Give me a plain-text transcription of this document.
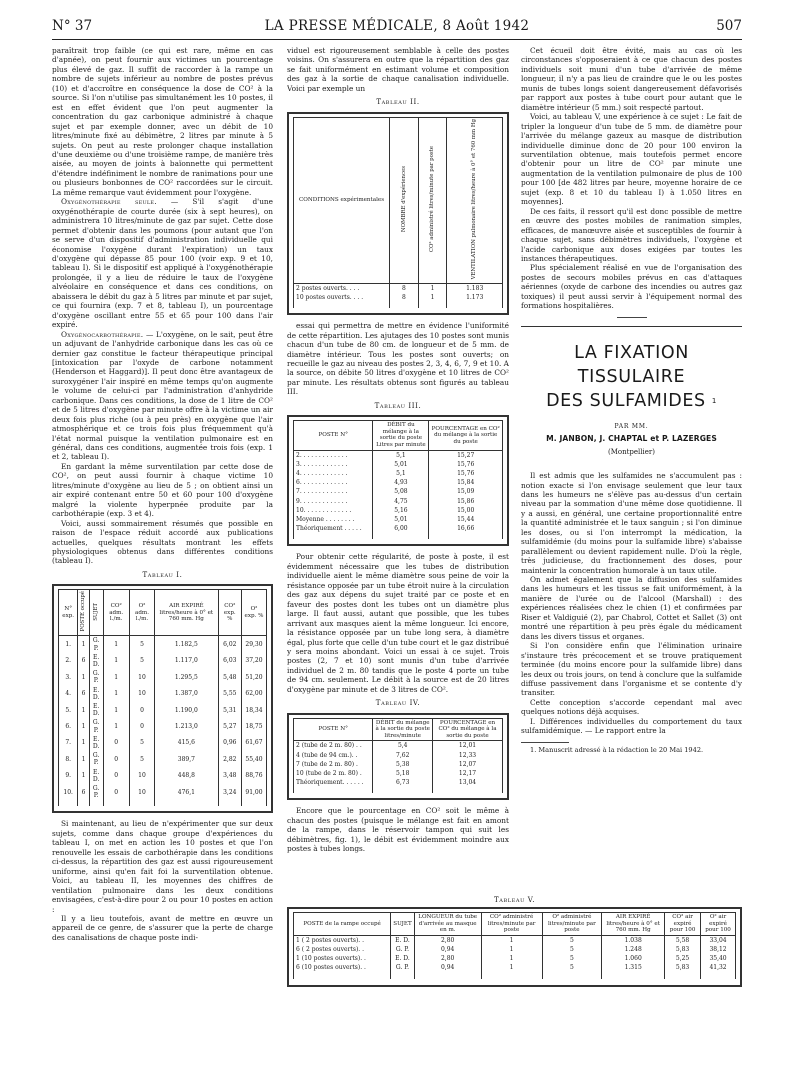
LA PRESSE MÉDICALE, 8 Août 1942
N° 37	507

paraîtrait trop faible (ce qui est rare, même en cas d'apnée), on peut fournir aux victimes un pourcentage plus élevé de gaz. Il suffit de raccorder à la rampe un nombre de sujets inférieur au nombre de postes prévus (10) et d'accroître en conséquence la dose de CO² à la source. Si l'on n'utilise pas simultanément les 10 postes, il est en effet évident que l'on peut augmenter la concentration du gaz carbonique administré à chaque sujet et par exemple donner, avec un débit de 10 litres/minute fixé au débimètre, 2 litres par minute à 5 sujets. On peut au reste prolonger chaque installation d'une deuxième ou d'une troisième rampe, de manière très aisée, au moyen de joints à baïonnette qui permettent d'étendre indéfiniment le nombre de ranimations pour une ou plusieurs bonbonnes de CO² raccordées sur le circuit. La même remarque vaut évidemment pour l'oxygène.

Oxygénothérapie seule. — S'il s'agit d'une oxygénothérapie de courte durée (six à sept heures), on administrera 10 litres/minute de gaz par sujet. Cette dose permet d'obtenir dans les poumons (pour autant que l'on se serve d'un dispositif d'administration individuelle qui économise l'oxygène durant l'expiration) un taux d'oxygène qui dépasse 85 pour 100 (voir exp. 9 et 10, tableau I). Si le dispositif est appliqué à l'oxygénothérapie prolongée, il y a lieu de réduire le taux de l'oxygène alvéolaire en conséquence et dans ces conditions, on abaissera le débit du gaz à 5 litres par minute et par sujet, ce qui fournira (exp. 7 et 8, tableau I), un pourcentage d'oxygène oscillant entre 55 et 65 pour 100 dans l'air expiré.

Oxygénocarbothérapie. — L'oxygène, on le sait, peut être un adjuvant de l'anhydride carbonique dans les cas où ce dernier gaz constitue le facteur thérapeutique principal [intoxication par l'oxyde de carbone notamment (Henderson et Haggard)]. Il peut donc être avantageux de suroxygéner l'air inspiré en même temps qu'on augmente le volume de celui-ci par l'administration d'anhydride carbonique. Dans ces conditions, la dose de 1 litre de CO² et de 5 litres d'oxygène par minute offre à la victime un air deux fois plus riche (ou à peu près) en oxygène que l'air atmosphérique et ce trois fois plus fréquemment qu'à l'état normal puisque la ventilation pulmonaire est en général, dans ces conditions, augmentée trois fois (exp. 1 et 2, tableau I).

En gardant la même surventilation par cette dose de CO², on peut aussi fournir à chaque victime 10 litres/minute d'oxygène au lieu de 5 ; on obtient ainsi un air expiré contenant entre 50 et 60 pour 100 d'oxygène malgré la violente hyperpnée produite par la carbothérapie (exp. 3 et 4).

Voici, aussi sommairement résumés que possible en raison de l'espace réduit accordé aux publications actuelles, quelques résultats montrant les effets physiologiques obtenus dans différentes conditions (tableau I).

Tableau I.
N° exp.	POSTE occupé	SUJET	CO² adm. l./m.	O² adm. l./m.	AIR EXPIRÉ litres/heure à 0° et 760 mm. Hg	CO² exp. %	O² exp. %
1.	1	G. P.	1	5	1.182,5	6,02	29,30
2.	6	E. D.	1	5	1.117,0	6,03	37,20
3.	1	G. P.	1	10	1.295,5	5,48	51,20
4.	6	E. D.	1	10	1.387,0	5,55	62,00
5.	1	E. D.	1	0	1.190,0	5,31	18,34
6.	1	G. P.	1	0	1.213,0	5,27	18,75
7.	1	E. D.	0	5	415,6	0,96	61,67
8.	1	G. P.	0	5	389,7	2,82	55,40
9.	1	E. D.	0	10	448,8	3,48	88,76
10.	6	G. P.	0	10	476,1	3,24	91,00

Si maintenant, au lieu de n'expérimenter que sur deux sujets, comme dans chaque groupe d'expériences du tableau I, on met en action les 10 postes et que l'on renouvelle les essais de carbothérapie dans les conditions ci-dessus, la répartition des gaz est aussi rigoureusement uniforme, ainsi qu'en fait foi la surventilation obtenue. Voici, au tableau II, les moyennes des chiffres de ventilation pulmonaire dans les deux conditions envisagées, c'est-à-dire pour 2 ou pour 10 postes en action :

Il y a lieu toutefois, avant de mettre en œuvre un appareil de ce genre, de s'assurer que la perte de charge des canalisations de chaque poste indi-

viduel est rigoureusement semblable à celle des postes voisins. On s'assurera en outre que la répartition des gaz se fait uniformément en estimant volume et composition des gaz à la sortie de chaque canalisation individuelle. Voici par exemple un

Tableau II.
CONDITIONS expérimentales	NOMBRE d'expériences	CO² administré litres/minute par poste	VENTILATION pulmonaire litres/heure à 0° et 760 mm Hg
2 postes ouverts. . . .	8	1	1.183
10 postes ouverts. . . .	8	1	1.173

essai qui permettra de mettre en évidence l'uniformité de cette répartition. Les ajutages des 10 postes sont munis chacun d'un tube de 80 cm. de longueur et de 5 mm. de diamètre intérieur. Tous les postes sont ouverts; on recueille le gaz au niveau des postes 2, 3, 4, 6, 7, 9 et 10. A la source, on débite 50 litres d'oxygène et 10 litres de CO² par minute. Les résultats obtenus sont figurés au tableau III.

Tableau III.
POSTE N°	DÉBIT du mélange à la sortie du poste Litres par minute	POURCENTAGE en CO² du mélange à la sortie du poste
2. . . . . . . . . . . . .	5,1	15,27
3. . . . . . . . . . . . .	5,01	15,76
4. . . . . . . . . . . . .	5,1	15,76
6. . . . . . . . . . . . .	4,93	15,84
7. . . . . . . . . . . . .	5,08	15,09
9. . . . . . . . . . . . .	4,75	15,86
10. . . . . . . . . . . . .	5,16	15,00
Moyenne . . . . . . . .	5,01	15,44
Théoriquement . . . . .	6,00	16,66

Pour obtenir cette régularité, de poste à poste, il est évidemment nécessaire que les tubes de distribution individuelle aient le même diamètre sous peine de voir la résistance opposée par un tube étroit nuire à la circulation des gaz aux dépens du sujet traité par ce poste et en faveur des postes dont les tubes ont un diamètre plus large. Il faut aussi, autant que possible, que les tubes arrivant aux masques aient la même longueur. Ici encore, la résistance opposée par un tube long sera, à diamètre égal, plus forte que celle d'un tube court et le gaz distribué y sera moins abondant. Voici un essai à ce sujet. Trois postes (2, 7 et 10) sont munis d'un tube d'arrivée individuel de 2 m. 80 tandis que le poste 4 porte un tube de 94 cm. seulement. Le débit à la source est de 20 litres d'oxygène par minute et de 3 litres de CO².

Tableau IV.
POSTE N°	DÉBIT du mélange à la sortie du poste litres/minute	POURCENTAGE en CO² du mélange à la sortie du poste
2 (tube de 2 m. 80) . .	5,4	12,01
4 (tube de 94 cm.). .	7,62	12,33
7 (tube de 2 m. 80) .	5,38	12,07
10 (tube de 2 m. 80) .	5,18	12,17
Théoriquement. . . . . .	6,73	13,04

Encore que le pourcentage en CO² soit le même à chacun des postes (puisque le mélange est fait en amont de la rampe, dans le réservoir tampon qui suit les débimètres, fig. 1), le débit est évidemment moindre aux postes à tubes longs.

Cet écueil doit être évité, mais au cas où les circonstances s'opposeraient à ce que chacun des postes individuels soit muni d'un tube d'arrivée de même longueur, il n'y a pas lieu de craindre que le ou les postes munis de tubes longs soient dangereusement défavorisés par rapport aux postes à tube court pour autant que le diamètre intérieur (5 mm.) soit respecté partout.

Voici, au tableau V, une expérience à ce sujet : Le fait de tripler la longueur d'un tube de 5 mm. de diamètre pour l'arrivée du mélange gazeux au masque de distribution individuelle diminue donc de 20 pour 100 environ la surventilation obtenue, mais toutefois permet encore d'obtenir pour un litre de CO² par minute une augmentation de la ventilation pulmonaire de plus de 100 pour 100 [de 482 litres par heure, moyenne horaire de ce sujet (exp. 8 et 10 du tableau I) à 1.050 litres en moyennes].

De ces faits, il ressort qu'il est donc possible de mettre en œuvre des postes mobiles de ranimation simples, efficaces, de manœuvre aisée et susceptibles de fournir à chaque sujet, sans débimètres individuels, l'oxygène et l'acide carbonique aux doses exigées par toutes les instances thérapeutiques.

Plus spécialement réalisé en vue de l'organisation des postes de secours mobiles prévus en cas d'attaques aériennes (oxyde de carbone des incendies ou autres gaz toxiques) il peut aussi servir à l'équipement normal des formations hospitalières.

LA FIXATION TISSULAIRE
DES SULFAMIDES $^1$
PAR MM.
M. JANBON, J. CHAPTAL et P. LAZERGES
(Montpellier)

Il est admis que les sulfamides ne s'accumulent pas : notion exacte si l'on envisage seulement que leur taux dans les humeurs ne s'élève pas au-dessus d'un certain niveau par la sommation d'une même dose quotidienne. Il y a aussi, en général, une certaine proportionnalité entre la quantité administrée et le taux sanguin ; si l'on diminue les doses, ou si l'on interrompt la médication, la sulfamidémie (du moins pour la sulfamide libre) s'abaisse parallèlement ou devient rapidement nulle. D'où la règle, très judicieuse, du fractionnement des doses, pour maintenir la concentration humorale à un taux utile.

On admet également que la diffusion des sulfamides dans les humeurs et les tissus se fait uniformément, à la manière de l'urée ou de l'alcool (Marshall) : des expériences réalisées chez le chien (1) et confirmées par Riser et Valdiguié (2), par Chabrol, Cottet et Sallet (3) ont montré une répartition à peu près égale du médicament dans les divers tissus et organes.

Si l'on considère enfin que l'élimination urinaire s'instaure très précocement et se trouve pratiquement terminée (du moins encore pour la sulfamide libre) dans les deux ou trois jours, on tend à conclure que la sulfamide diffuse passivement dans l'organisme et se contente d'y transiter.

Cette conception s'accorde cependant mal avec quelques notions déjà acquises.

I. Différences individuelles du comportement du taux sulfamidémique. — Le rapport entre la

1. Manuscrit adressé à la rédaction le 20 Mai 1942.

Tableau V.
POSTE de la rampe occupé	SUJET	LONGUEUR du tube d'arrivée au masque en m.	CO² administré litres/minute par poste	O² administré litres/minute par poste	AIR EXPIRÉ litres/heure à 0° et 760 mm. Hg	CO² air expiré pour 100	O² air expiré pour 100
1 ( 2 postes ouverts). .	E. D.	2,80	1	5	1.038	5,58	33,04
6 ( 2 postes ouverts). .	G. P.	0,94	1	5	1.248	5,83	38,12
1 (10 postes ouverts). .	E. D.	2,80	1	5	1.060	5,25	35,40
6 (10 postes ouverts). .	G. P.	0,94	1	5	1.315	5,83	41,32
